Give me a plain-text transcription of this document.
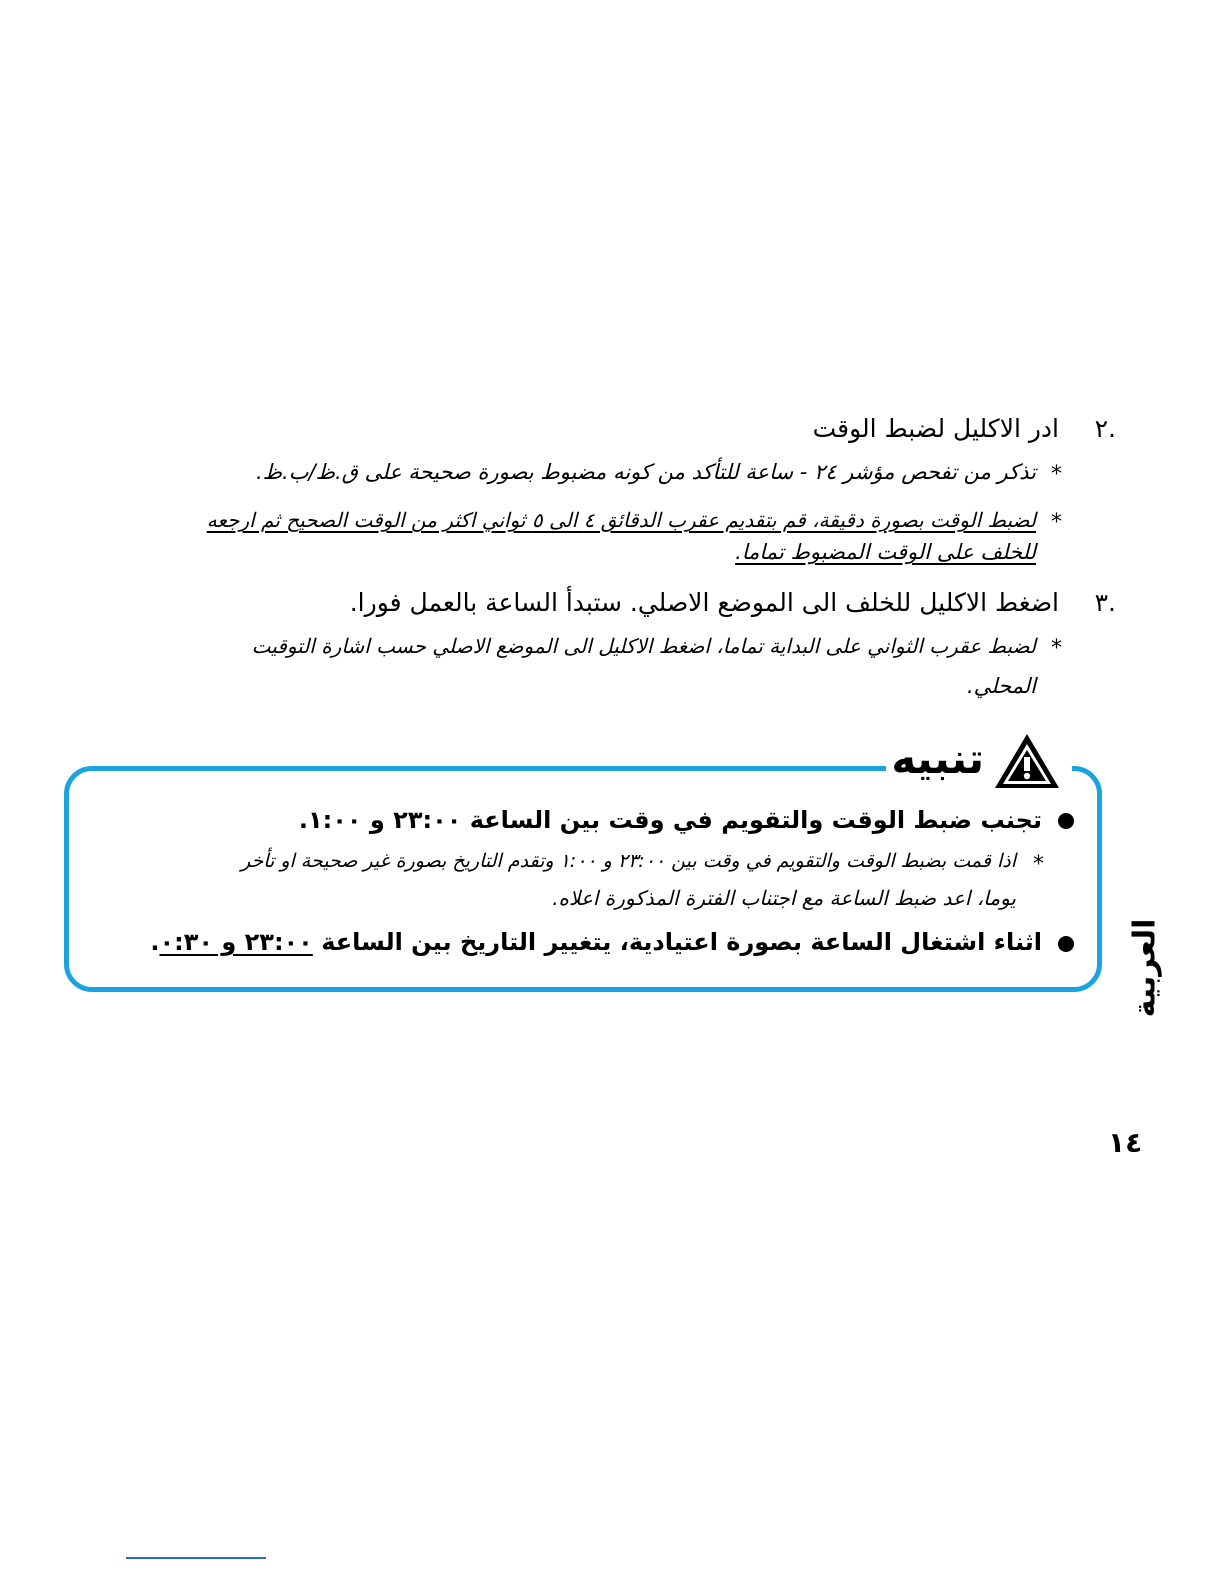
.٢
ادر الاكليل لضبط الوقت
*
تذكر من تفحص مؤشر ٢٤ - ساعة للتأكد من كونه مضبوط بصورة صحيحة على ق.ظ/ب.ظ.
*
لضبط الوقت بصورة دقيقة، قم بتقديم عقرب الدقائق ٤ الى ٥ ثواني اكثر من الوقت الصحيح ثم ارجعه
للخلف على الوقت المضبوط تماما.
.٣
اضغط الاكليل للخلف الى الموضع الاصلي. ستبدأ الساعة بالعمل فورا.
*
لضبط عقرب الثواني على البداية تماما، اضغط الاكليل الى الموضع الاصلي حسب اشارة التوقيت
المحلي.
تنبيه
تجنب ضبط الوقت والتقويم في وقت بين الساعة ٢٣:٠٠ و ١:٠٠.
*
اذا قمت بضبط الوقت والتقويم في وقت بين ٢٣:٠٠ و ١:٠٠ وتقدم التاريخ بصورة غير صحيحة او تأخر
يوما، اعد ضبط الساعة مع اجتناب الفترة المذكورة اعلاه.
اثناء اشتغال الساعة بصورة اعتيادية، يتغيير التاريخ بين الساعة ٢٣:٠٠ و ٠:٣٠.	العربية
١٤
